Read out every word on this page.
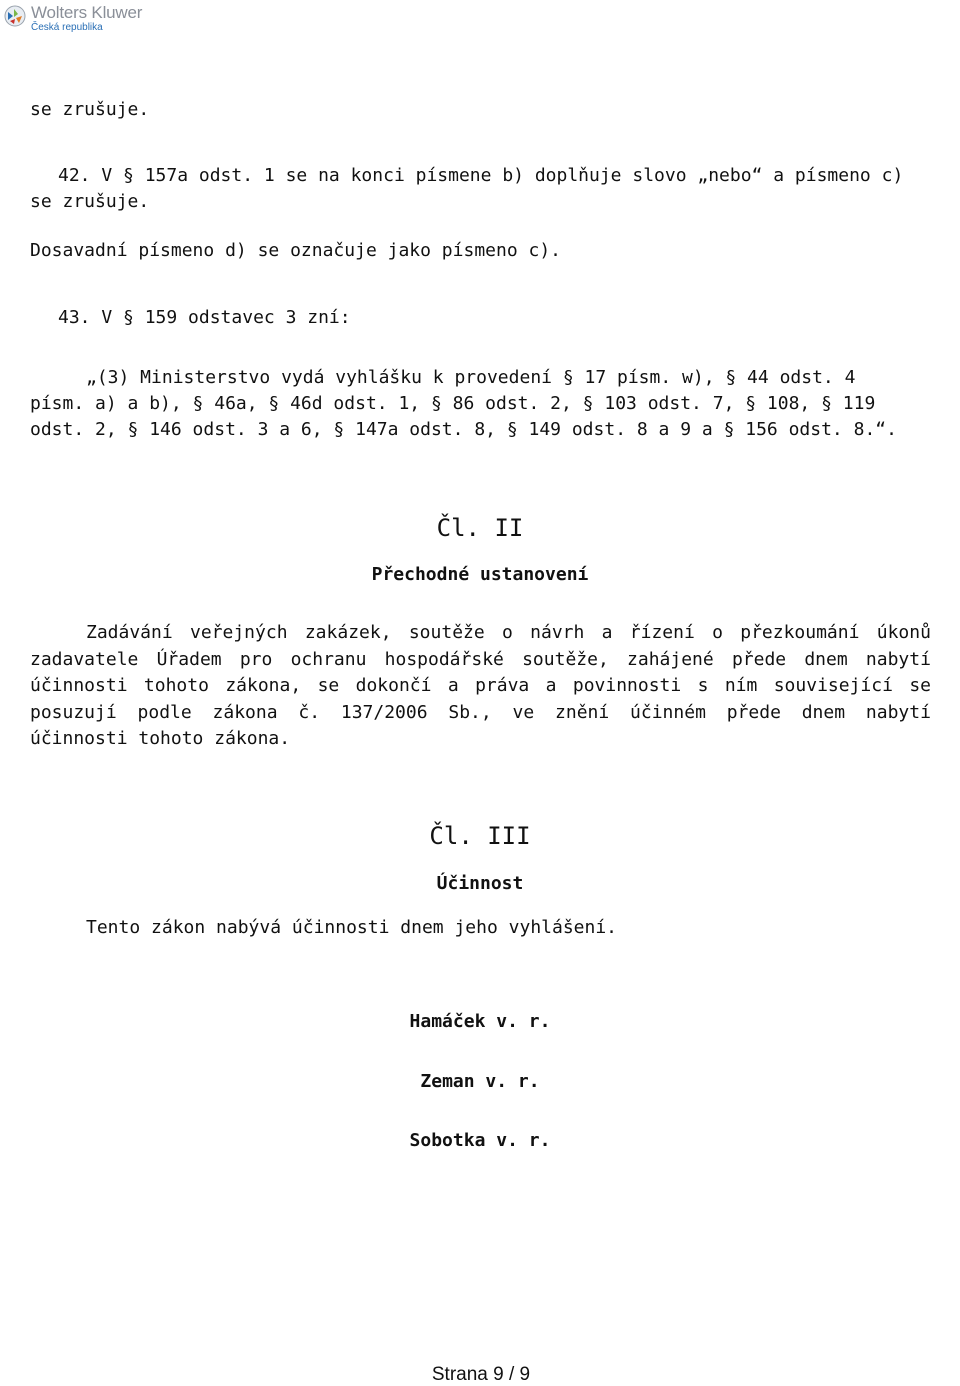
Wolters Kluwer
Česká republika
se zrušuje.
42. V § 157a odst. 1 se na konci písmene b) doplňuje slovo „nebo“ a písmeno c)
se zrušuje.
Dosavadní písmeno d) se označuje jako písmeno c).
43. V § 159 odstavec 3 zní:
„(3) Ministerstvo vydá vyhlášku k provedení § 17 písm. w), § 44 odst. 4
písm. a) a b), § 46a, § 46d odst. 1, § 86 odst. 2, § 103 odst. 7, § 108, § 119
odst. 2, § 146 odst. 3 a 6, § 147a odst. 8, § 149 odst. 8 a 9 a § 156 odst. 8.“.
Čl. II
Přechodné ustanovení
Zadávání veřejných zakázek, soutěže o návrh a řízení o přezkoumání úkonů
zadavatele Úřadem pro ochranu hospodářské soutěže, zahájené přede dnem nabytí
účinnosti tohoto zákona, se dokončí a práva a povinnosti s ním související se
posuzují podle zákona č. 137/2006 Sb., ve znění účinném přede dnem nabytí
účinnosti tohoto zákona.
Čl. III
Účinnost
Tento zákon nabývá účinnosti dnem jeho vyhlášení.
Hamáček v. r.
Zeman v. r.
Sobotka v. r.
Strana 9 / 9
